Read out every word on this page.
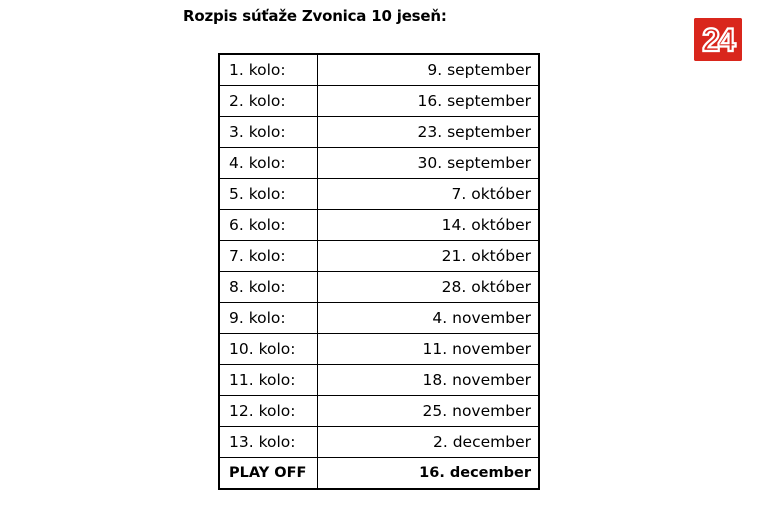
Rozpis súťaže Zvonica 10 jeseň:
24
1. kolo:	9. september
2. kolo:	16. september
3. kolo:	23. september
4. kolo:	30. september
5. kolo:	7. október
6. kolo:	14. október
7. kolo:	21. október
8. kolo:	28. október
9. kolo:	4. november
10. kolo:	11. november
11. kolo:	18. november
12. kolo:	25. november
13. kolo:	2. december
PLAY OFF	16. december
